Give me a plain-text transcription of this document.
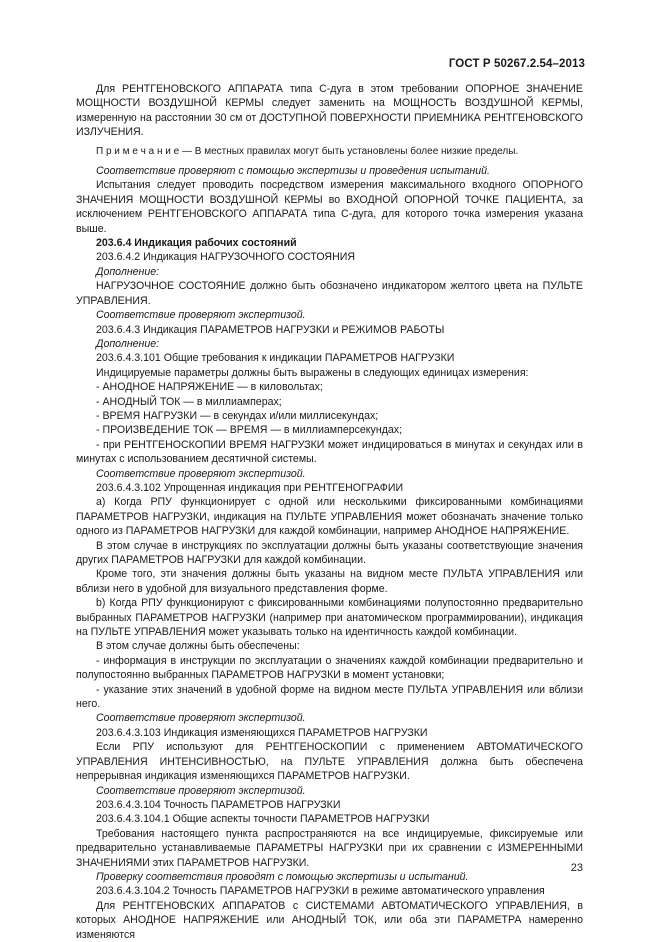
ГОСТ Р 50267.2.54–2013

Для РЕНТГЕНОВСКОГО АППАРАТА типа С-дуга в этом требовании ОПОРНОЕ ЗНАЧЕНИЕ МОЩНОСТИ ВОЗДУШНОЙ КЕРМЫ следует заменить на МОЩНОСТЬ ВОЗДУШНОЙ КЕРМЫ, измеренную на расстоянии 30 см от ДОСТУПНОЙ ПОВЕРХНОСТИ ПРИЕМНИКА РЕНТГЕНОВСКОГО ИЗЛУЧЕНИЯ.

П р и м е ч а н и е — В местных правилах могут быть установлены более низкие пределы.

Соответствие проверяют с помощью экспертизы и проведения испытаний.

Испытания следует проводить посредством измерения максимального входного ОПОРНОГО ЗНАЧЕНИЯ МОЩНОСТИ ВОЗДУШНОЙ КЕРМЫ во ВХОДНОЙ ОПОРНОЙ ТОЧКЕ ПАЦИЕНТА, за исключением РЕНТГЕНОВСКОГО АППАРАТА типа С-дуга, для которого точка измерения указана выше.

203.6.4 Индикация рабочих состояний

203.6.4.2 Индикация НАГРУЗОЧНОГО СОСТОЯНИЯ

Дополнение:

НАГРУЗОЧНОЕ СОСТОЯНИЕ должно быть обозначено индикатором желтого цвета на ПУЛЬТЕ УПРАВЛЕНИЯ.

Соответствие проверяют экспертизой.

203.6.4.3 Индикация ПАРАМЕТРОВ НАГРУЗКИ и РЕЖИМОВ РАБОТЫ

Дополнение:

203.6.4.3.101 Общие требования к индикации ПАРАМЕТРОВ НАГРУЗКИ

Индицируемые параметры должны быть выражены в следующих единицах измерения:

- АНОДНОЕ НАПРЯЖЕНИЕ — в киловольтах;

- АНОДНЫЙ ТОК — в миллиамперах;

- ВРЕМЯ НАГРУЗКИ — в секундах и/или миллисекундах;

- ПРОИЗВЕДЕНИЕ ТОК — ВРЕМЯ — в миллиамперсекундах;

- при РЕНТГЕНОСКОПИИ ВРЕМЯ НАГРУЗКИ может индицироваться в минутах и секундах или в минутах с использованием десятичной системы.

Соответствие проверяют экспертизой.

203.6.4.3.102 Упрощенная индикация при РЕНТГЕНОГРАФИИ

а) Когда РПУ функционирует с одной или несколькими фиксированными комбинациями ПАРАМЕТРОВ НАГРУЗКИ, индикация на ПУЛЬТЕ УПРАВЛЕНИЯ может обозначать значение только одного из ПАРАМЕТРОВ НАГРУЗКИ для каждой комбинации, например АНОДНОЕ НАПРЯЖЕНИЕ.

В этом случае в инструкциях по эксплуатации должны быть указаны соответствующие значения других ПАРАМЕТРОВ НАГРУЗКИ для каждой комбинации.

Кроме того, эти значения должны быть указаны на видном месте ПУЛЬТА УПРАВЛЕНИЯ или вблизи него в удобной для визуального представления форме.

b) Когда РПУ функционируют с фиксированными комбинациями полупостоянно предварительно выбранных ПАРАМЕТРОВ НАГРУЗКИ (например при анатомическом программировании), индикация на ПУЛЬТЕ УПРАВЛЕНИЯ может указывать только на идентичность каждой комбинации.

В этом случае должны быть обеспечены:

- информация в инструкции по эксплуатации о значениях каждой комбинации предварительно и полупостоянно выбранных ПАРАМЕТРОВ НАГРУЗКИ в момент установки;

- указание этих значений в удобной форме на видном месте ПУЛЬТА УПРАВЛЕНИЯ или вблизи него.

Соответствие проверяют экспертизой.

203.6.4.3.103 Индикация изменяющихся ПАРАМЕТРОВ НАГРУЗКИ

Если РПУ используют для РЕНТГЕНОСКОПИИ с применением АВТОМАТИЧЕСКОГО УПРАВЛЕНИЯ ИНТЕНСИВНОСТЬЮ, на ПУЛЬТЕ УПРАВЛЕНИЯ должна быть обеспечена непрерывная индикация изменяющихся ПАРАМЕТРОВ НАГРУЗКИ.

Соответствие проверяют экспертизой.

203.6.4.3.104 Точность ПАРАМЕТРОВ НАГРУЗКИ

203.6.4.3.104.1 Общие аспекты точности ПАРАМЕТРОВ НАГРУЗКИ

Требования настоящего пункта распространяются на все индицируемые, фиксируемые или предварительно устанавливаемые ПАРАМЕТРЫ НАГРУЗКИ при их сравнении с ИЗМЕРЕННЫМИ ЗНАЧЕНИЯМИ этих ПАРАМЕТРОВ НАГРУЗКИ.

Проверку соответствия проводят с помощью экспертизы и испытаний.

203.6.4.3.104.2 Точность ПАРАМЕТРОВ НАГРУЗКИ в режиме автоматического управления

Для РЕНТГЕНОВСКИХ АППАРАТОВ с СИСТЕМАМИ АВТОМАТИЧЕСКОГО УПРАВЛЕНИЯ, в которых АНОДНОЕ НАПРЯЖЕНИЕ или АНОДНЫЙ ТОК, или оба эти ПАРАМЕТРА намеренно изменяются

23
